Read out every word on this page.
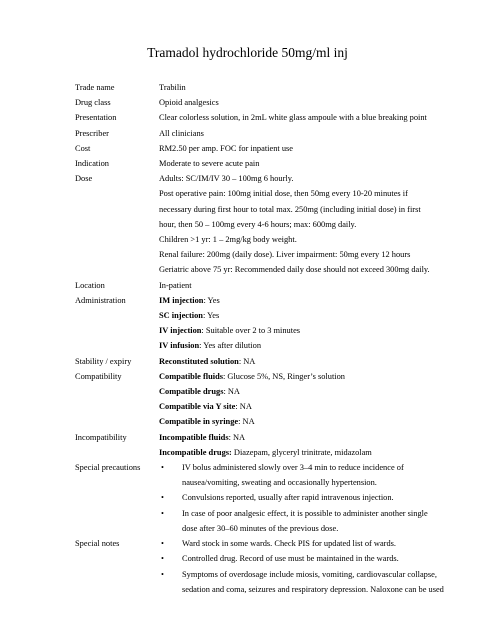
Tramadol hydrochloride 50mg/ml inj
Trade name	Trabilin
Drug class	Opioid analgesics
Presentation	Clear colorless solution, in 2mL white glass ampoule with a blue breaking point
Prescriber	All clinicians
Cost	RM2.50 per amp. FOC for inpatient use
Indication	Moderate to severe acute pain
Dose	Adults: SC/IM/IV 30 – 100mg 6 hourly.
Post operative pain: 100mg initial dose, then 50mg every 10-20 minutes if
necessary during first hour to total max. 250mg (including initial dose) in first
hour, then 50 – 100mg every 4-6 hours; max: 600mg daily.
Children >1 yr: 1 – 2mg/kg body weight.
Renal failure: 200mg (daily dose). Liver impairment: 50mg every 12 hours
Geriatric above 75 yr: Recommended daily dose should not exceed 300mg daily.
Location	In-patient
Administration	IM injection: Yes
SC injection: Yes
IV injection: Suitable over 2 to 3 minutes
IV infusion: Yes after dilution
Stability / expiry	Reconstituted solution: NA
Compatibility	Compatible fluids: Glucose 5%, NS, Ringer’s solution
Compatible drugs: NA
Compatible via Y site: NA
Compatible in syringe: NA
Incompatibility	Incompatible fluids: NA
Incompatible drugs: Diazepam, glyceryl trinitrate, midazolam
Special precautions	•	IV bolus administered slowly over 3–4 min to reduce incidence of
nausea/vomiting, sweating and occasionally hypertension.
•	Convulsions reported, usually after rapid intravenous injection.
•	In case of poor analgesic effect, it is possible to administer another single
dose after 30–60 minutes of the previous dose.
Special notes	•	Ward stock in some wards. Check PIS for updated list of wards.
•	Controlled drug. Record of use must be maintained in the wards.
•	Symptoms of overdosage include miosis, vomiting, cardiovascular collapse,
sedation and coma, seizures and respiratory depression. Naloxone can be used
